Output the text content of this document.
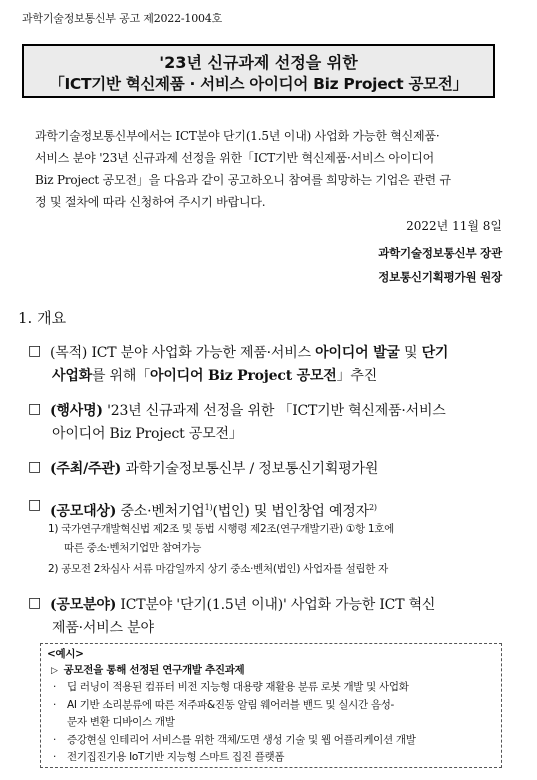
과학기술정보통신부 공고 제2022-1004호
'23년 신규과제 선정을 위한
「ICT기반 혁신제품 · 서비스 아이디어 Biz Project 공모전」

과학기술정보통신부에서는 ICT분야 단기(1.5년 이내) 사업화 가능한 혁신제품·
서비스 분야 '23년 신규과제 선정을 위한「ICT기반 혁신제품·서비스 아이디어
Biz Project 공모전」을 다음과 같이 공고하오니 참여를 희망하는 기업은 관련 규
정 및 절차에 따라 신청하여 주시기 바랍니다.

2022년 11월 8일
과학기술정보통신부 장관
정보통신기획평가원 원장
1. 개요
□ (목적) ICT 분야 사업화 가능한 제품·서비스 아이디어 발굴 및 단기
사업화를 위해「아이디어 Biz Project 공모전」추진
□ (행사명) '23년 신규과제 선정을 위한 「ICT기반 혁신제품·서비스
아이디어 Biz Project 공모전」
□ (주최/주관) 과학기술정보통신부 / 정보통신기획평가원
□ (공모대상) 중소·벤처기업$^{1)}$(법인) 및 법인창업 예정자$^{2)}$
1) 국가연구개발혁신법 제2조 및 동법 시행령 제2조(연구개발기관) ①항 1호에
따른 중소·벤처기업만 참여가능
2) 공모전 2차심사 서류 마감일까지 상기 중소·벤처(법인) 사업자를 설립한 자
□ (공모분야) ICT분야 '단기(1.5년 이내)' 사업화 가능한 ICT 혁신
제품·서비스 분야
<예시>
▷ 공모전을 통해 선정된 연구개발 추진과제
· 딥 러닝이 적용된 컴퓨터 비전 지능형 대용량 재활용 분류 로봇 개발 및 사업화
· AI 기반 소리분류에 따른 저주파&진동 알림 웨어러블 밴드 및 실시간 음성-
문자 변환 디바이스 개발
· 증강현실 인테리어 서비스를 위한 객체/도면 생성 기술 및 웹 어플리케이션 개발
· 전기집진기용 IoT기반 지능형 스마트 집진 플랫폼
